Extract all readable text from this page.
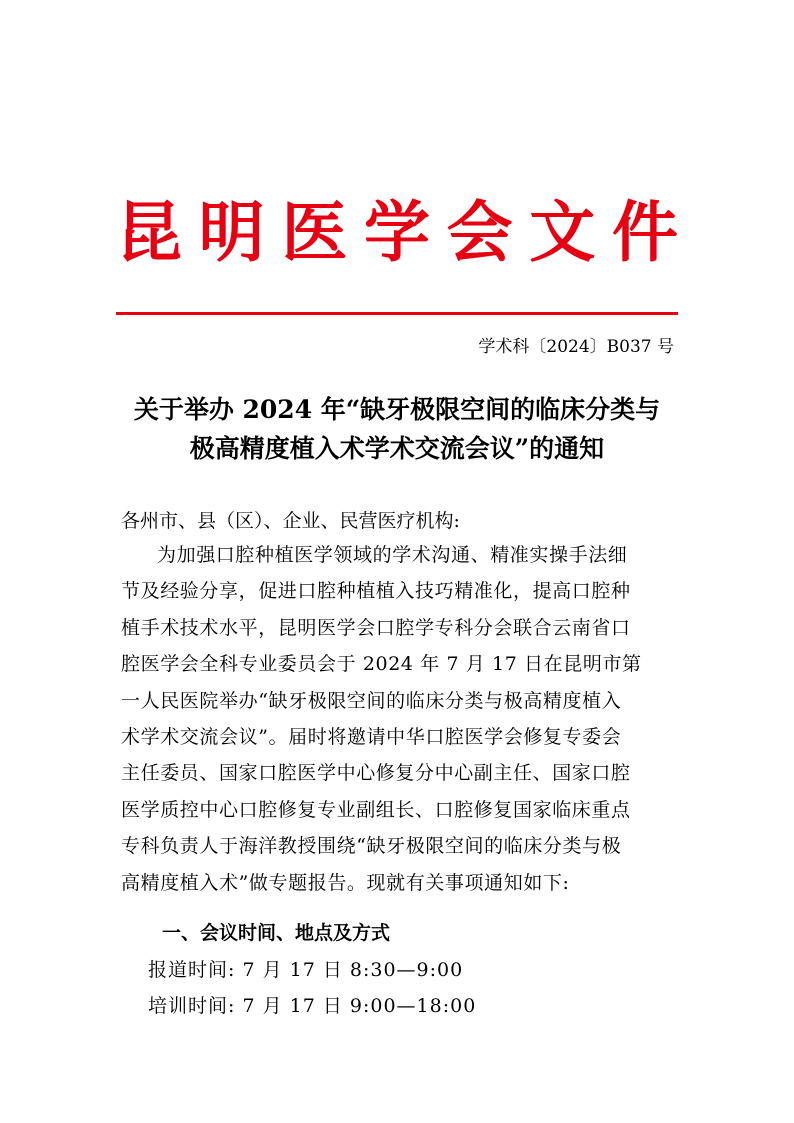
昆 明 医 学 会 文 件
学术科〔2024〕B037 号
关于举办 2024 年“缺牙极限空间的临床分类与
极高精度植入术学术交流会议”的通知
各州市、县（区）、企业、民营医疗机构:
为加强口腔种植医学领域的学术沟通、精准实操手法细
节及经验分享，促进口腔种植植入技巧精准化，提高口腔种
植手术技术水平，昆明医学会口腔学专科分会联合云南省口
腔医学会全科专业委员会于 2024 年 7 月 17 日在昆明市第
一人民医院举办“缺牙极限空间的临床分类与极高精度植入
术学术交流会议”。届时将邀请中华口腔医学会修复专委会
主任委员、国家口腔医学中心修复分中心副主任、国家口腔
医学质控中心口腔修复专业副组长、口腔修复国家临床重点
专科负责人于海洋教授围绕“缺牙极限空间的临床分类与极
高精度植入术”做专题报告。现就有关事项通知如下:
一、会议时间、地点及方式
报道时间: 7 月 17 日 8:30—9:00
培训时间: 7 月 17 日 9:00—18:00
